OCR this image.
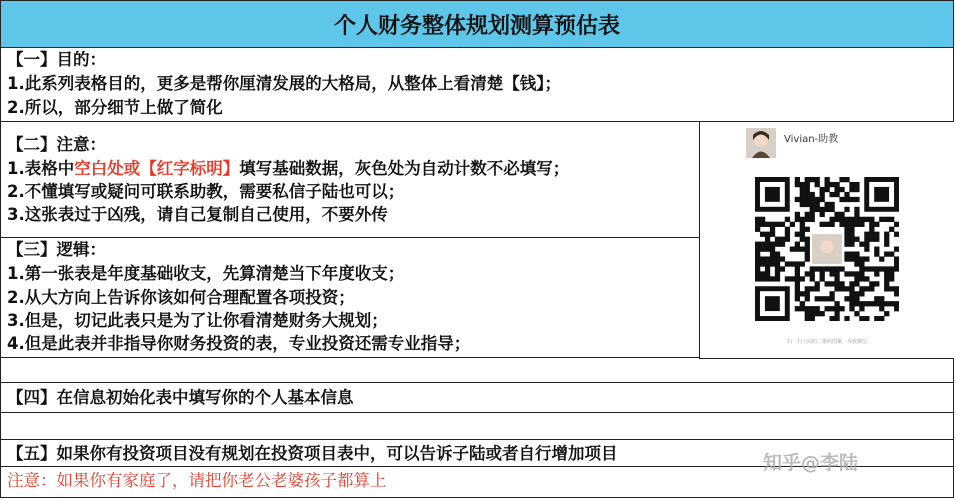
个人财务整体规划测算预估表
【一】目的：
1.此系列表格目的，更多是帮你厘清发展的大格局，从整体上看清楚【钱】；
2.所以，部分细节上做了简化
【二】注意：
1.表格中空白处或【红字标明】填写基础数据，灰色处为自动计数不必填写；
2.不懂填写或疑问可联系助教，需要私信子陆也可以；
3.这张表过于凶残，请自己复制自己使用，不要外传
【三】逻辑：
1.第一张表是年度基础收支，先算清楚当下年度收支；
2.从大方向上告诉你该如何合理配置各项投资；
3.但是，切记此表只是为了让你看清楚财务大规划；
4.但是此表并非指导你财务投资的表，专业投资还需专业指导；
【四】在信息初始化表中填写你的个人基本信息
【五】如果你有投资项目没有规划在投资项目表中，可以告诉子陆或者自行增加项目
注意：如果你有家庭了，请把你老公老婆孩子都算上
Vivian-助教
扫一扫上面的二维码图案，加我微信
知乎@李陆
